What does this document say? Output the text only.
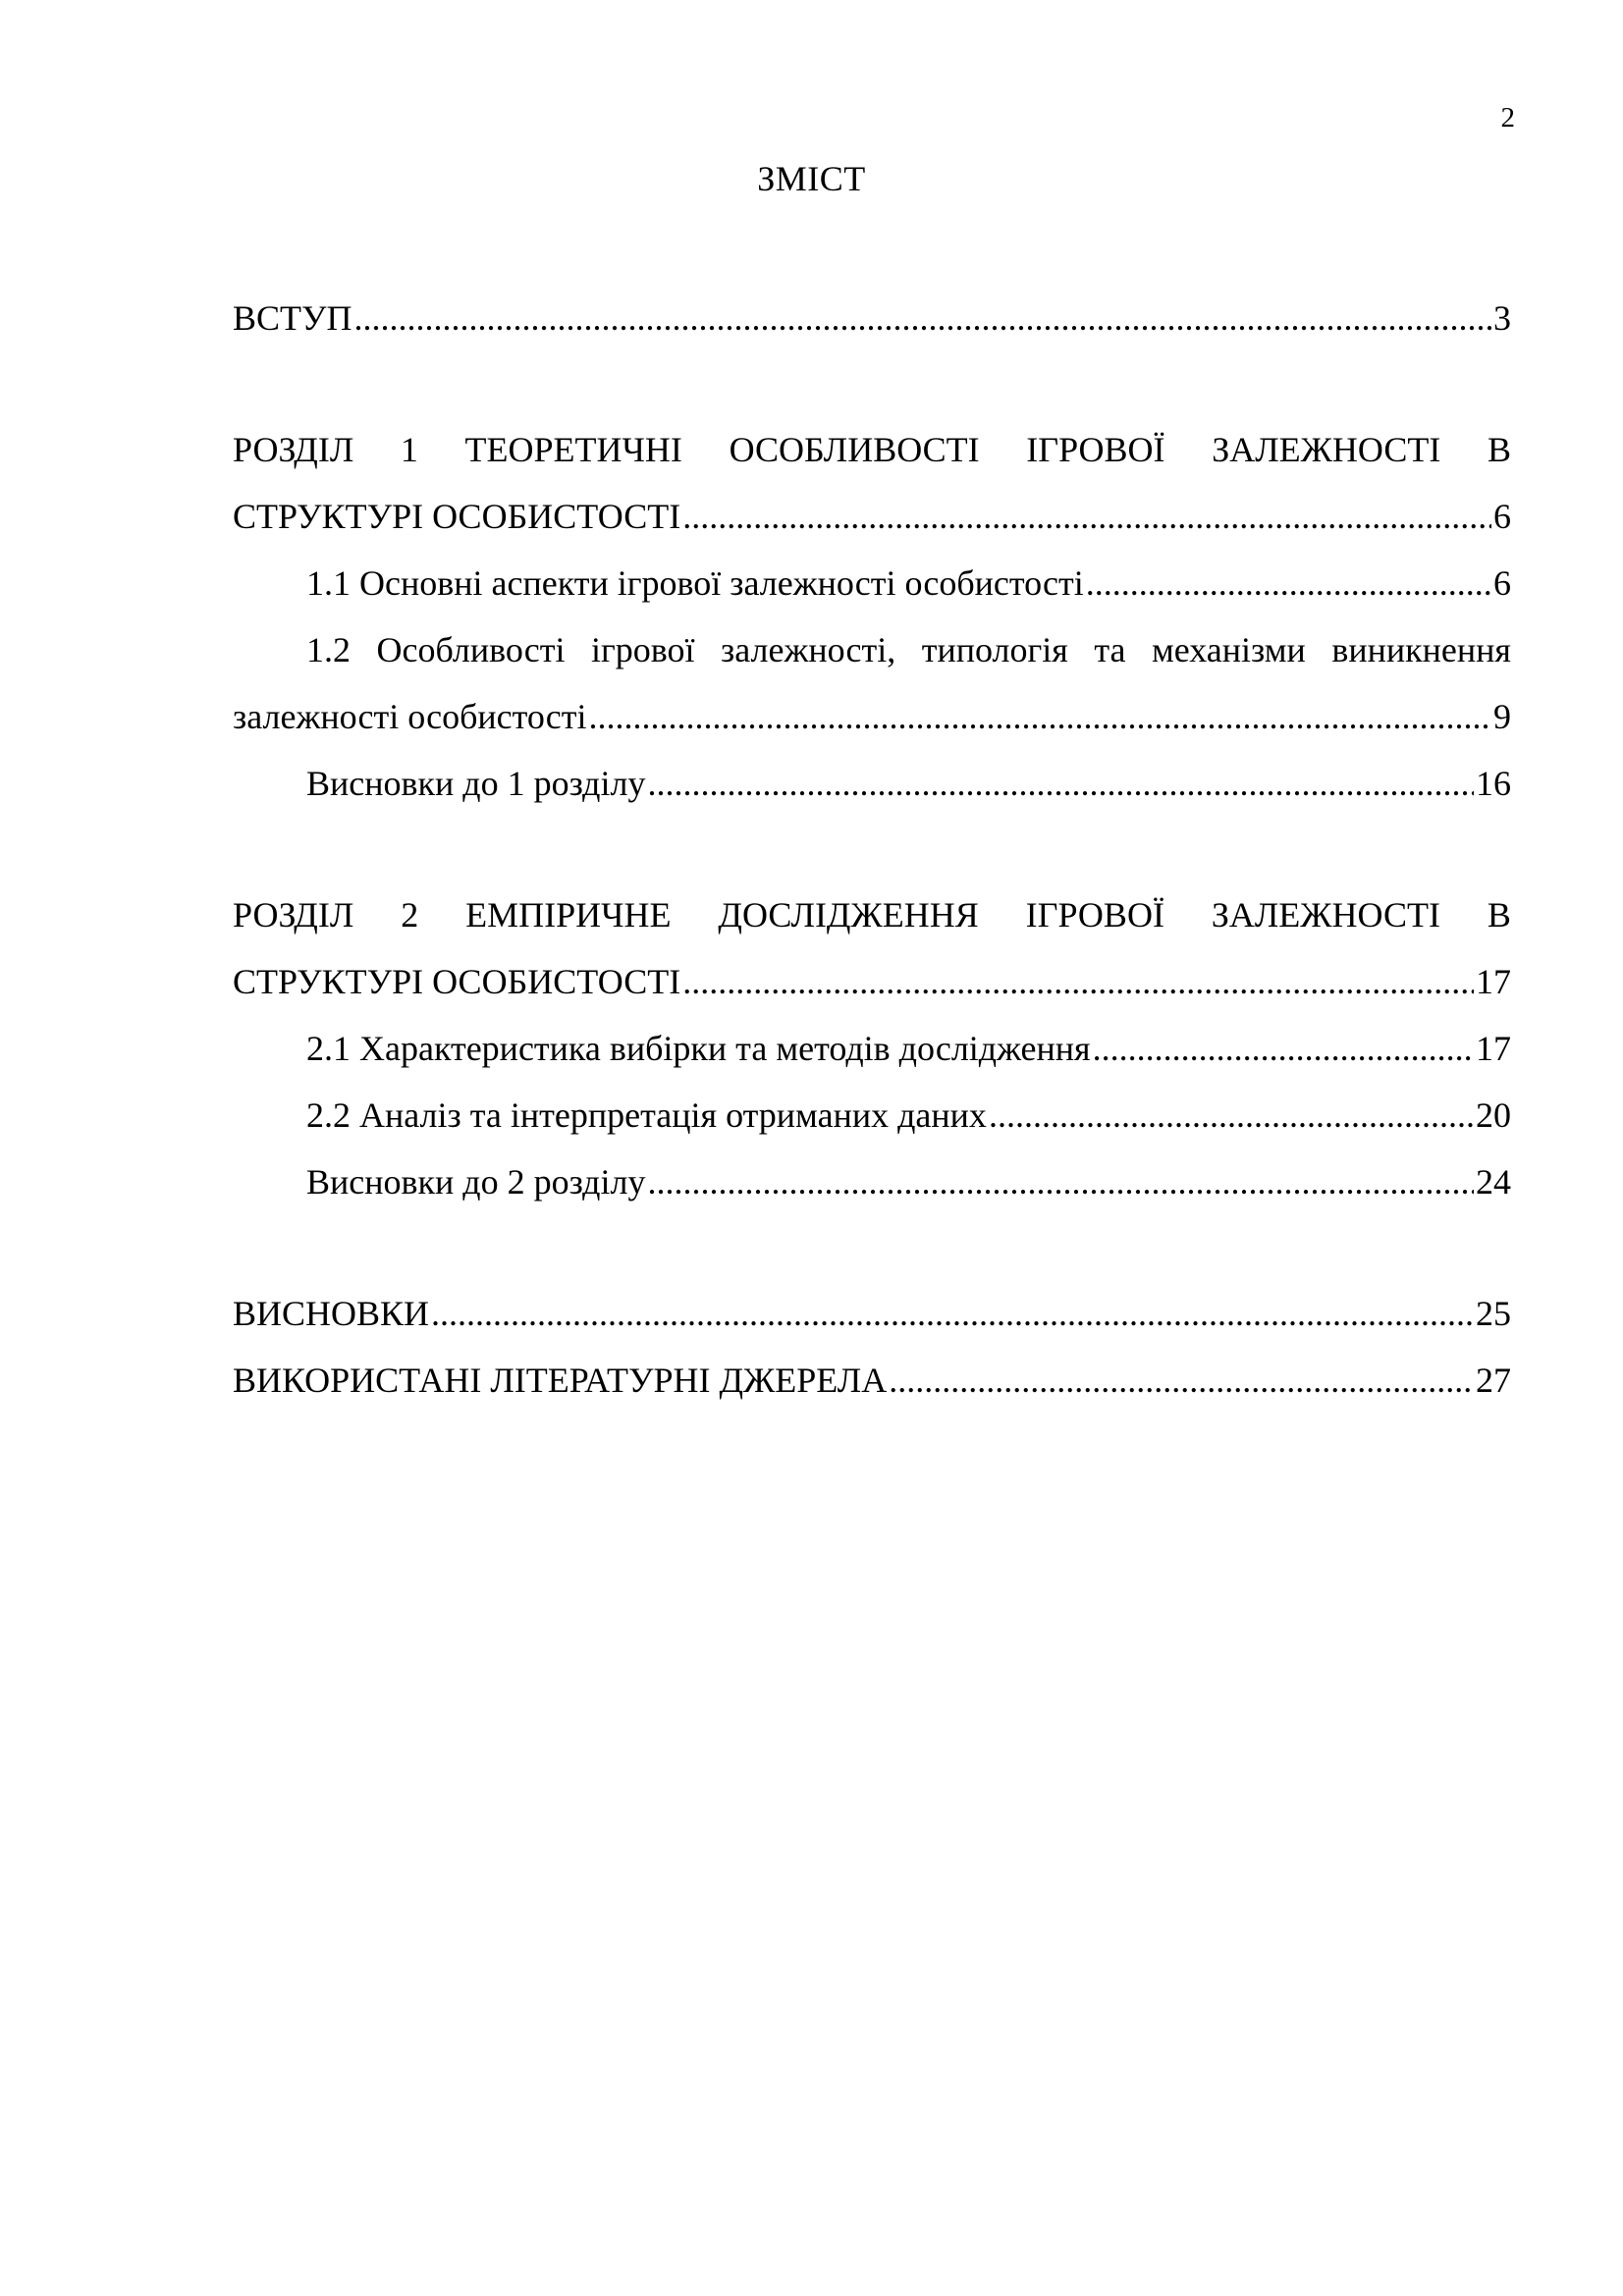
2
ЗМІСТ
ВСТУП .....	3
РОЗДІЛ 1 ТЕОРЕТИЧНІ ОСОБЛИВОСТІ ІГРОВОЇ ЗАЛЕЖНОСТІ В
СТРУКТУРІ ОСОБИСТОСТІ .....	6
1.1 Основні аспекти ігрової залежності особистості .....	6
1.2 Особливості ігрової залежності, типологія та механізми виникнення
залежності особистості .....	9
Висновки до 1 розділу .....	16
РОЗДІЛ 2 ЕМПІРИЧНЕ ДОСЛІДЖЕННЯ ІГРОВОЇ ЗАЛЕЖНОСТІ В
СТРУКТУРІ ОСОБИСТОСТІ .....	17
2.1 Характеристика вибірки та методів дослідження .....	17
2.2 Аналіз та інтерпретація отриманих даних .....	20
Висновки до 2 розділу .....	24
ВИСНОВКИ .....	25
ВИКОРИСТАНІ ЛІТЕРАТУРНІ ДЖЕРЕЛА .....	27
